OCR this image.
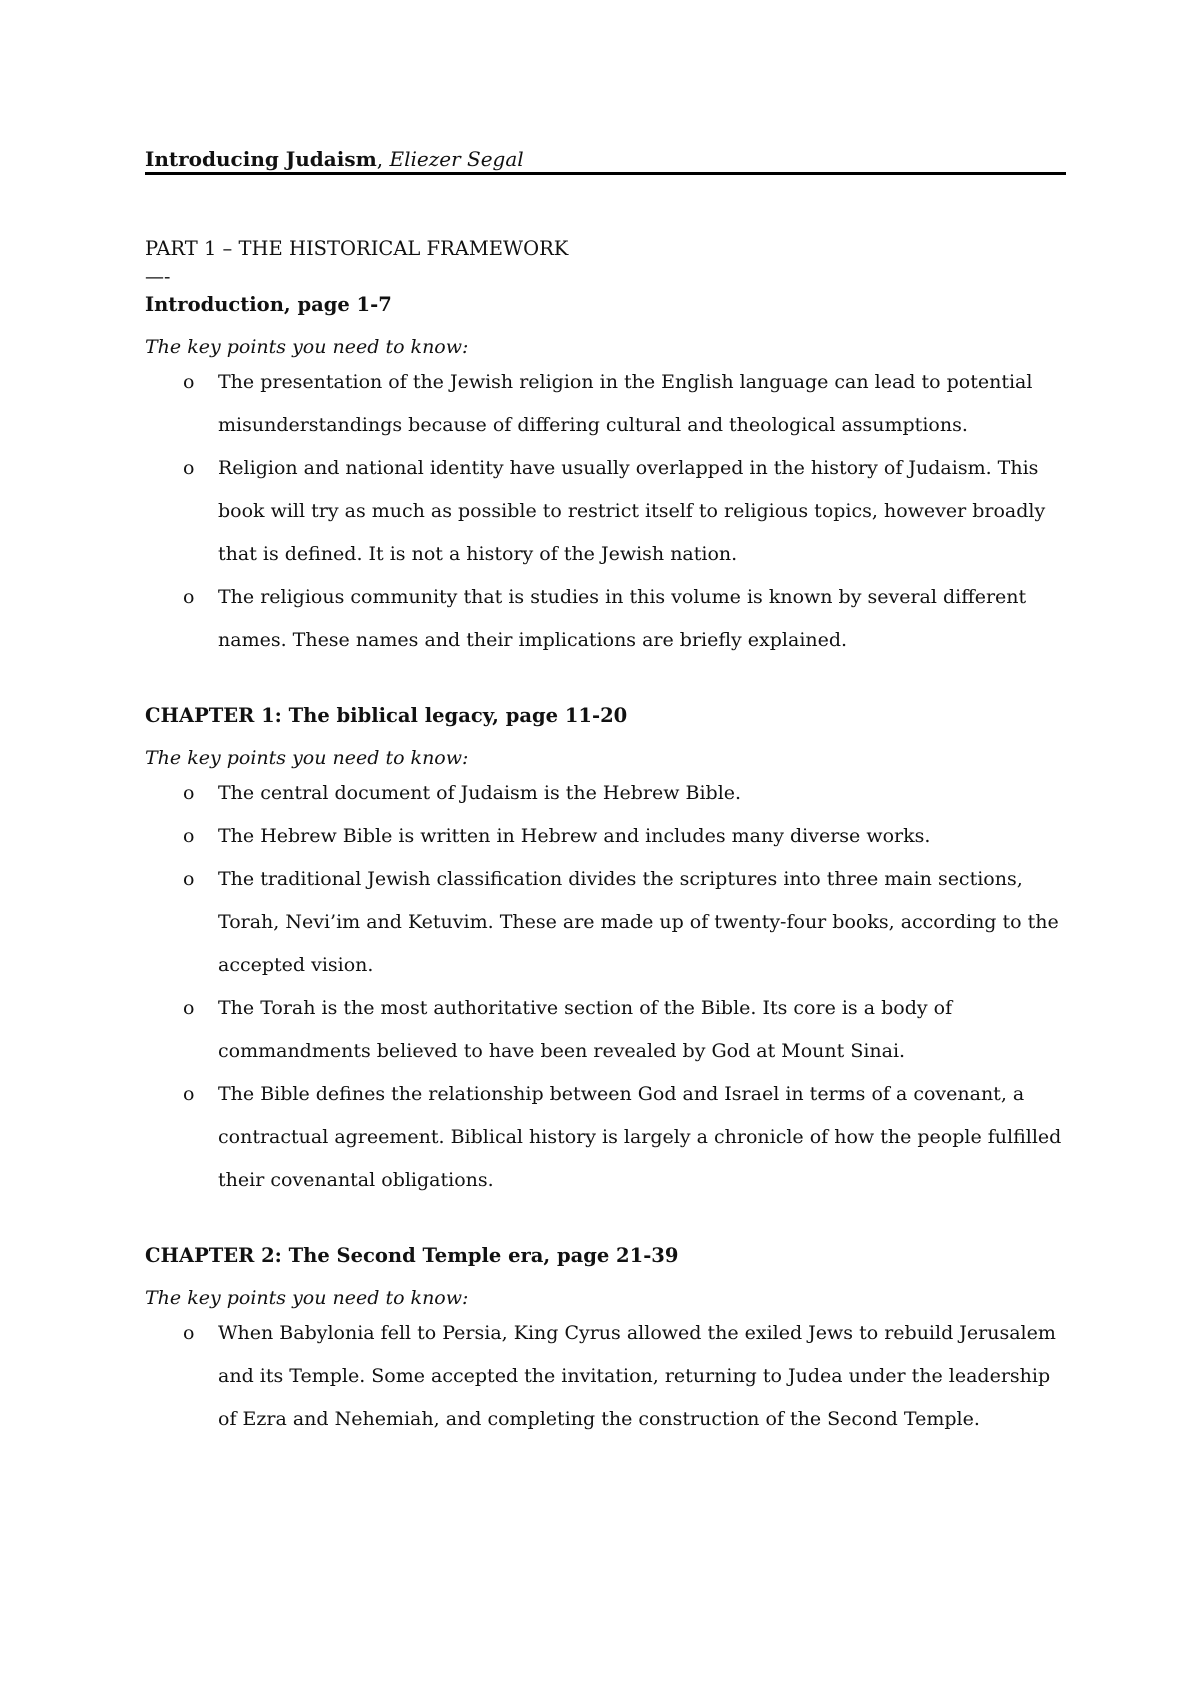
Introducing Judaism, Eliezer Segal

PART 1 – THE HISTORICAL FRAMEWORK

—-

Introduction, page 1-7

The key points you need to know:

o The presentation of the Jewish religion in the English language can lead to potential misunderstandings because of differing cultural and theological assumptions.
o Religion and national identity have usually overlapped in the history of Judaism. This book will try as much as possible to restrict itself to religious topics, however broadly that is defined. It is not a history of the Jewish nation.
o The religious community that is studies in this volume is known by several different names. These names and their implications are briefly explained.

CHAPTER 1: The biblical legacy, page 11-20

The key points you need to know:

o The central document of Judaism is the Hebrew Bible.
o The Hebrew Bible is written in Hebrew and includes many diverse works.
o The traditional Jewish classification divides the scriptures into three main sections, Torah, Nevi’im and Ketuvim. These are made up of twenty-four books, according to the accepted vision.
o The Torah is the most authoritative section of the Bible. Its core is a body of commandments believed to have been revealed by God at Mount Sinai.
o The Bible defines the relationship between God and Israel in terms of a covenant, a contractual agreement. Biblical history is largely a chronicle of how the people fulfilled their covenantal obligations.

CHAPTER 2: The Second Temple era, page 21-39

The key points you need to know:

o When Babylonia fell to Persia, King Cyrus allowed the exiled Jews to rebuild Jerusalem and its Temple. Some accepted the invitation, returning to Judea under the leadership of Ezra and Nehemiah, and completing the construction of the Second Temple.
